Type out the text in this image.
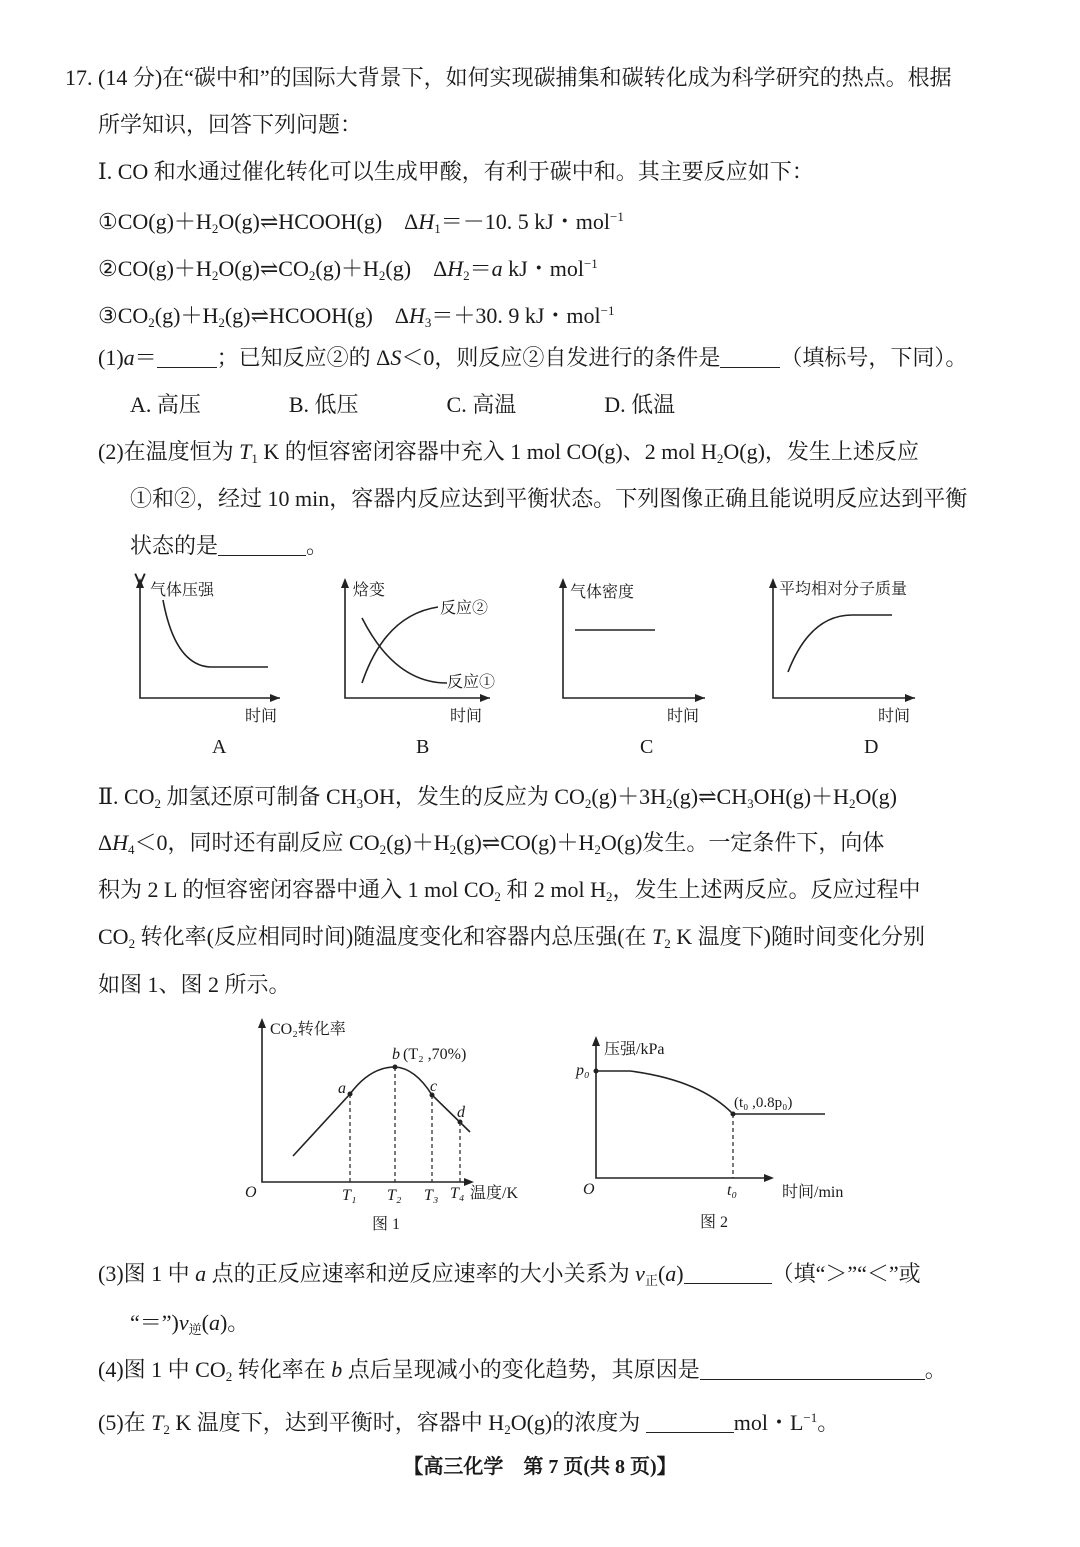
17. (14 分)在“碳中和”的国际大背景下，如何实现碳捕集和碳转化成为科学研究的热点。根据
所学知识，回答下列问题：
Ⅰ. CO 和水通过催化转化可以生成甲酸，有利于碳中和。其主要反应如下：
$①CO(g)+H_2O(g)\rightleftharpoons HCOOH(g)$　$\Delta H_1=-10$. 5 kJ・mol$^{-1}$
$②CO(g)+H_2O(g)\rightleftharpoons CO_2(g)+H_2(g)$　$\Delta H_2=a$ kJ・mol$^{-1}$
$③CO_2(g)+H_2(g)\rightleftharpoons HCOOH(g)$　$\Delta H_3=+30$. 9 kJ・mol$^{-1}$
(1)a＝	；已知反应②的 ΔS＜0，则反应②自发进行的条件是	（填标号，下同）。
A. 高压　　　　B. 低压　　　　C. 高温　　　　D. 低温
(2)在温度恒为 $T_1$ K 的恒容密闭容器中充入 1 mol CO(g)、2 mol $H_2O(g)$，发生上述反应
①和②，经过 10 min，容器内反应达到平衡状态。下列图像正确且能说明反应达到平衡
状态的是	。
Ⅱ. $CO_2$ 加氢还原可制备 $CH_3OH$，发生的反应为 $CO_2(g)+3H_2(g)\rightleftharpoons CH_3OH(g)+H_2O(g)$
$\Delta H_4<0$，同时还有副反应 $CO_2(g)+H_2(g)\rightleftharpoons CO(g)+H_2O(g)$发生。一定条件下，向体
积为 2 L 的恒容密闭容器中通入 1 mol $CO_2$ 和 2 mol $H_2$，发生上述两反应。反应过程中
$CO_2$ 转化率(反应相同时间)随温度变化和容器内总压强(在 $T_2$ K 温度下)随时间变化分别
如图 1、图 2 所示。
(3)图 1 中 a 点的正反应速率和逆反应速率的大小关系为 $v_正(a)$	（填“＞”“＜”或
“$=”)v_逆(a)$。
(4)图 1 中 $CO_2$ 转化率在 b 点后呈现减小的变化趋势，其原因是	。
(5)在 $T_2$ K 温度下，达到平衡时，容器中 $H_2O(g)$的浓度为	mol・$L^{-1}$。
气体压强
时间
A
焓变
反应②
反应①
时间
B
气体密度
时间
C
平均相对分子质量
时间
D
CO₂转化率
a
b (T₂ ,70%)
c
d
O	T₁ T₂ T₃ T₄ 温度/K
图 1
压强/kPa
p₀
(t₀ ,0.8p₀)
O	t₀	时间/min
图 2
【高三化学　第 7 页(共 8 页)】
